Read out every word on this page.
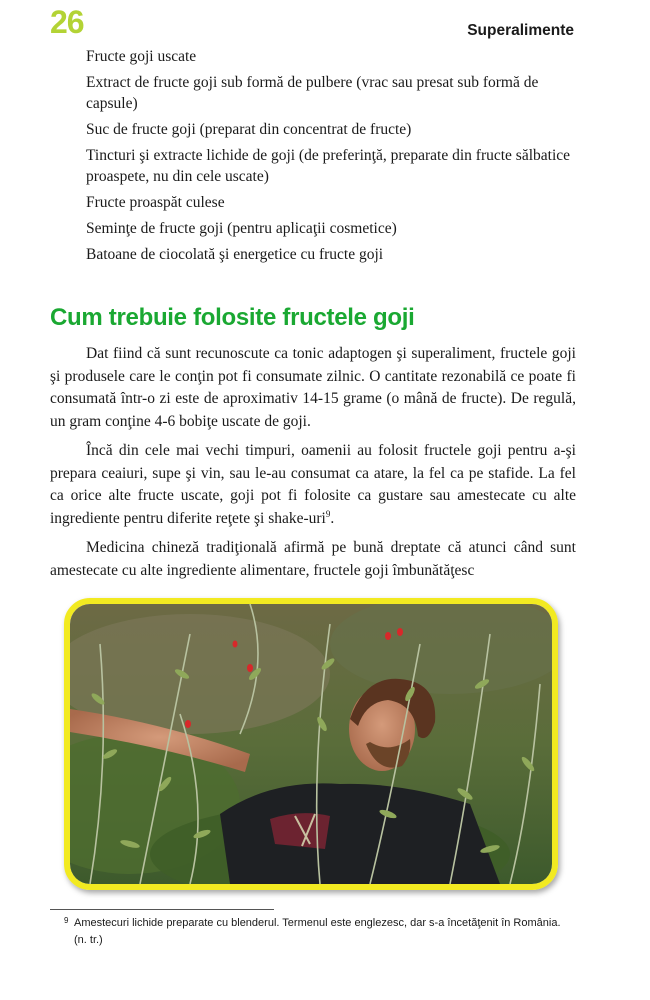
26	Superalimente
Fructe goji uscate
Extract de fructe goji sub formă de pulbere (vrac sau presat sub formă de capsule)
Suc de fructe goji (preparat din concentrat de fructe)
Tincturi şi extracte lichide de goji (de preferinţă, preparate din fructe sălbatice proaspete, nu din cele uscate)
Fructe proaspăt culese
Seminţe de fructe goji (pentru aplicaţii cosmetice)
Batoane de ciocolată şi energetice cu fructe goji
Cum trebuie folosite fructele goji

Dat fiind că sunt recunoscute ca tonic adaptogen şi superaliment, fructele goji şi produsele care le conţin pot fi consumate zilnic. O cantitate rezonabilă ce poate fi consumată într-o zi este de aproximativ 14-15 grame (o mână de fructe). De regulă, un gram conţine 4-6 bobiţe uscate de goji.

Încă din cele mai vechi timpuri, oamenii au folosit fructele goji pentru a-şi prepara ceaiuri, supe şi vin, sau le-au consumat ca atare, la fel ca pe stafide. La fel ca orice alte fructe uscate, goji pot fi folosite ca gustare sau amestecate cu alte ingrediente pentru diferite reţete şi shake-uri$^9$.

Medicina chineză tradiţională afirmă pe bună dreptate că atunci când sunt amestecate cu alte ingrediente alimentare, fructele goji îmbunătăţesc

9 Amestecuri lichide preparate cu blenderul. Termenul este englezesc, dar s-a încetăţenit în România. (n. tr.)
